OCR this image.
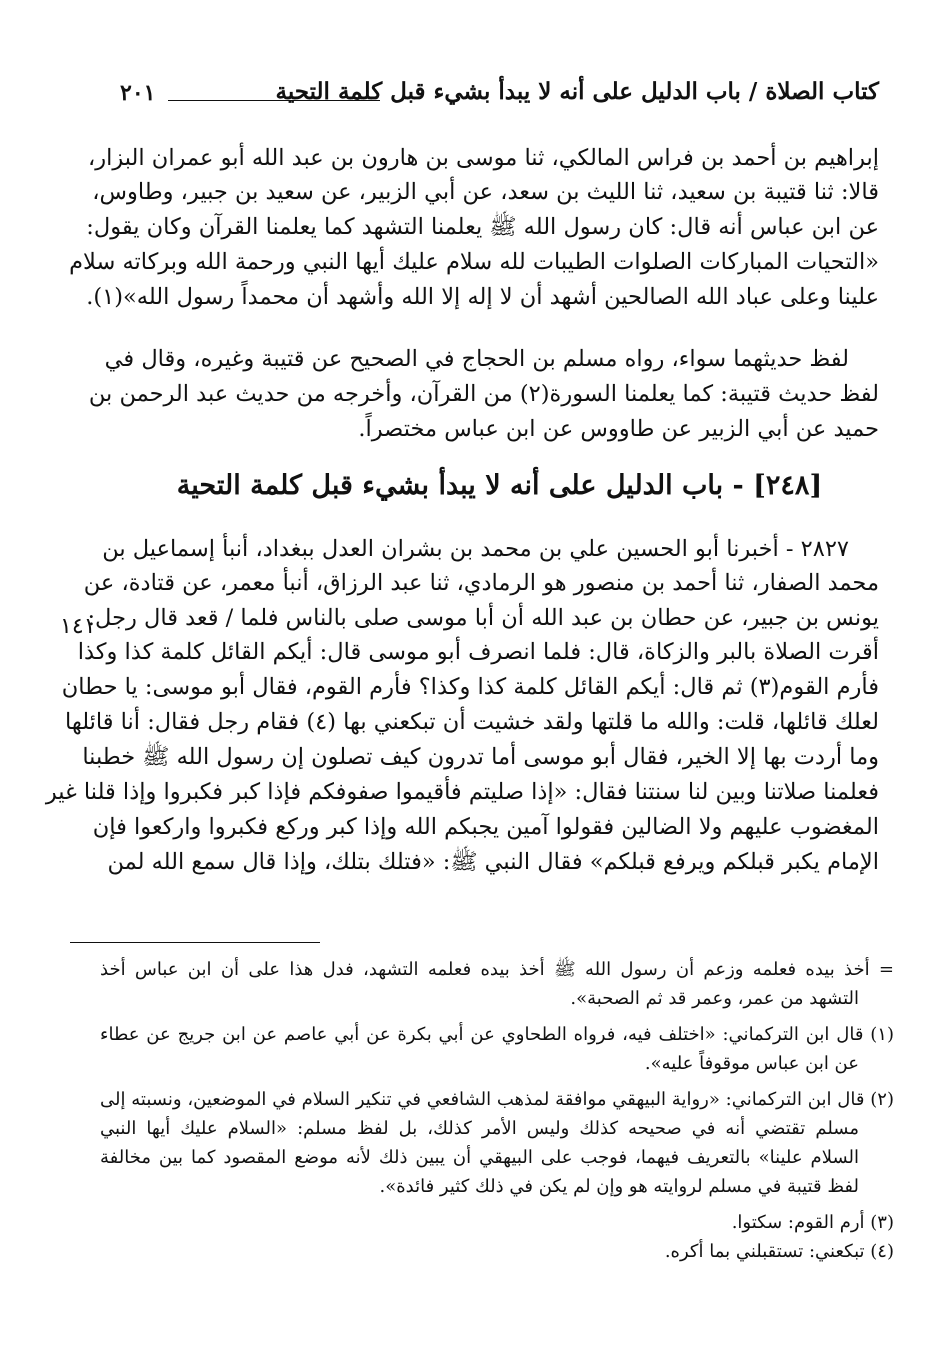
كتاب الصلاة / باب الدليل على أنه لا يبدأ بشيء قبل كلمة التحية
٢٠١
إبراهيم بن أحمد بن فراس المالكي، ثنا موسى بن هارون بن عبد الله أبو عمران البزار،
قالا: ثنا قتيبة بن سعيد، ثنا الليث بن سعد، عن أبي الزبير، عن سعيد بن جبير، وطاوس،
عن ابن عباس أنه قال: كان رسول الله ﷺ يعلمنا التشهد كما يعلمنا القرآن وكان يقول:
«التحيات المباركات الصلوات الطيبات لله سلام عليك أيها النبي ورحمة الله وبركاته سلام
علينا وعلى عباد الله الصالحين أشهد أن لا إله إلا الله وأشهد أن محمداً رسول الله»(١).
لفظ حديثهما سواء، رواه مسلم بن الحجاج في الصحيح عن قتيبة وغيره، وقال في
لفظ حديث قتيبة: كما يعلمنا السورة(٢) من القرآن، وأخرجه من حديث عبد الرحمن بن
حميد عن أبي الزبير عن طاووس عن ابن عباس مختصراً.
[٢٤٨] - باب الدليل على أنه لا يبدأ بشيء قبل كلمة التحية
٢٨٢٧ - أخبرنا أبو الحسين علي بن محمد بن بشران العدل ببغداد، أنبأ إسماعيل بن
محمد الصفار، ثنا أحمد بن منصور هو الرمادي، ثنا عبد الرزاق، أنبأ معمر، عن قتادة، عن
يونس بن جبير، عن حطان بن عبد الله أن أبا موسى صلى بالناس فلما / قعد قال رجل:
أقرت الصلاة بالبر والزكاة، قال: فلما انصرف أبو موسى قال: أيكم القائل كلمة كذا وكذا
فأرم القوم(٣) ثم قال: أيكم القائل كلمة كذا وكذا؟ فأرم القوم، فقال أبو موسى: يا حطان
لعلك قائلها، قلت: والله ما قلتها ولقد خشيت أن تبكعني بها (٤) فقام رجل فقال: أنا قائلها
وما أردت بها إلا الخير، فقال أبو موسى أما تدرون كيف تصلون إن رسول الله ﷺ خطبنا
فعلمنا صلاتنا وبين لنا سنتنا فقال: «إذا صليتم فأقيموا صفوفكم فإذا كبر فكبروا وإذا قلنا غير
المغضوب عليهم ولا الضالين فقولوا آمين يجبكم الله وإذا كبر وركع فكبروا واركعوا فإن
الإمام يكبر قبلكم ويرفع قبلكم» فقال النبي ﷺ: «فتلك بتلك، وإذا قال سمع الله لمن
١٤١
= أخذ بيده فعلمه وزعم أن رسول الله ﷺ أخذ بيده فعلمه التشهد، فدل هذا على أن ابن عباس أخذ
التشهد من عمر، وعمر قد ثم الصحبة».
(١) قال ابن التركماني: «اختلف فيه، فرواه الطحاوي عن أبي بكرة عن أبي عاصم عن ابن جريج عن عطاء
عن ابن عباس موقوفاً عليه».
(٢) قال ابن التركماني: «رواية البيهقي موافقة لمذهب الشافعي في تنكير السلام في الموضعين، ونسبته إلى
مسلم تقتضي أنه في صحيحه كذلك وليس الأمر كذلك، بل لفظ مسلم: «السلام عليك أيها النبي
السلام علينا» بالتعريف فيهما، فوجب على البيهقي أن يبين ذلك لأنه موضع المقصود كما بين مخالفة
لفظ قتيبة في مسلم لروايته هو وإن لم يكن في ذلك كثير فائدة».
(٣) أرم القوم: سكتوا.
(٤) تبكعني: تستقبلني بما أكره.
